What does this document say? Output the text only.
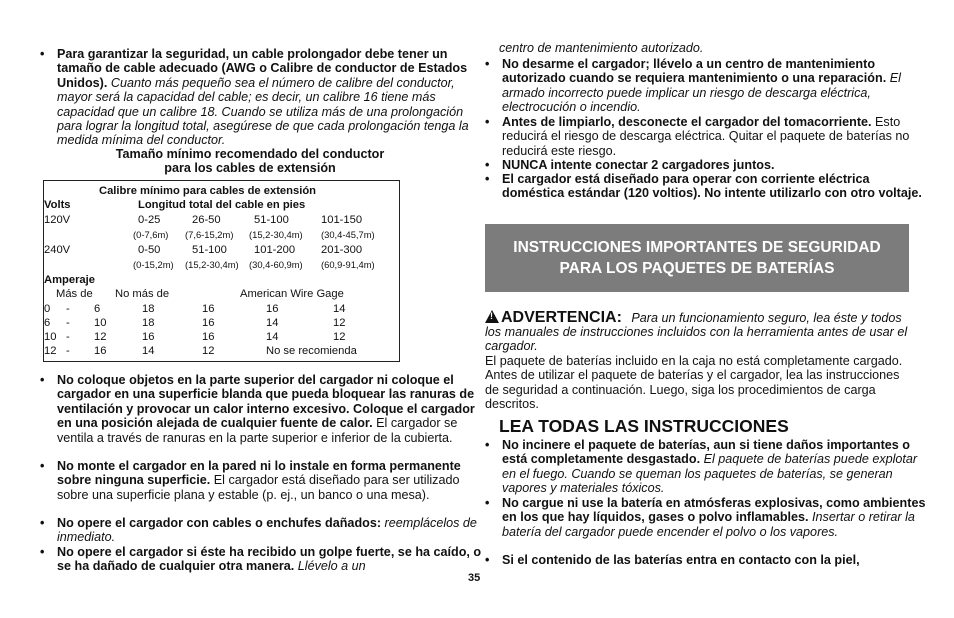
• Para garantizar la seguridad, un cable prolongador debe tener un tamaño de cable adecuado (AWG o Calibre de conductor de Estados Unidos). Cuanto más pequeño sea el número de calibre del conductor, mayor será la capacidad del cable; es decir, un calibre 16 tiene más capacidad que un calibre 18. Cuando se utiliza más de una prolongación para lograr la longitud total, asegúrese de que cada prolongación tenga la medida mínima del conductor.
Tamaño mínimo recomendado del conductor
para los cables de extensión
Calibre mínimo para cables de extensión
Volts	Longitud total del cable en pies
120V	0-25	26-50	51-100	101-150
(0-7,6m) (7,6-15,2m) (15,2-30,4m) (30,4-45,7m)
240V	0-50	51-100 101-200 201-300
(0-15,2m) (15,2-30,4m) (30,4-60,9m) (60,9-91,4m)
Amperaje
Más de No más de	American Wire Gage
0 - 6	18	16	16	14
6 - 10	18	16	14	12
10 - 12	16	16	14	12
12 - 16	14	12	No se recomienda
• No coloque objetos en la parte superior del cargador ni coloque el cargador en una superficie blanda que pueda bloquear las ranuras de ventilación y provocar un calor interno excesivo. Coloque el cargador en una posición alejada de cualquier fuente de calor. El cargador se ventila a través de ranuras en la parte superior e inferior de la cubierta.
• No monte el cargador en la pared ni lo instale en forma permanente sobre ninguna superficie. El cargador está diseñado para ser utilizado sobre una superficie plana y estable (p. ej., un banco o una mesa).
• No opere el cargador con cables o enchufes dañados: reemplácelos de inmediato.
• No opere el cargador si éste ha recibido un golpe fuerte, se ha caído, o se ha dañado de cualquier otra manera. Llévelo a un
35
centro de mantenimiento autorizado.
• No desarme el cargador; llévelo a un centro de mantenimiento autorizado cuando se requiera mantenimiento o una reparación. El armado incorrecto puede implicar un riesgo de descarga eléctrica, electrocución o incendio.
• Antes de limpiarlo, desconecte el cargador del tomacorriente. Esto reducirá el riesgo de descarga eléctrica. Quitar el paquete de baterías no reducirá este riesgo.
• NUNCA intente conectar 2 cargadores juntos.
• El cargador está diseñado para operar con corriente eléctrica doméstica estándar (120 voltios). No intente utilizarlo con otro voltaje.
INSTRUCCIONES IMPORTANTES DE SEGURIDAD
PARA LOS PAQUETES DE BATERÍAS
!ADVERTENCIA: Para un funcionamiento seguro, lea éste y todos los manuales de instrucciones incluidos con la herramienta antes de usar el cargador.
El paquete de baterías incluido en la caja no está completamente cargado. Antes de utilizar el paquete de baterías y el cargador, lea las instrucciones de seguridad a continuación. Luego, siga los procedimientos de carga descritos.
LEA TODAS LAS INSTRUCCIONES
• No incinere el paquete de baterías, aun si tiene daños importantes o está completamente desgastado. El paquete de baterías puede explotar en el fuego. Cuando se queman los paquetes de baterías, se generan vapores y materiales tóxicos.
• No cargue ni use la batería en atmósferas explosivas, como ambientes en los que hay líquidos, gases o polvo inflamables. Insertar o retirar la batería del cargador puede encender el polvo o los vapores.
• Si el contenido de las baterías entra en contacto con la piel,
